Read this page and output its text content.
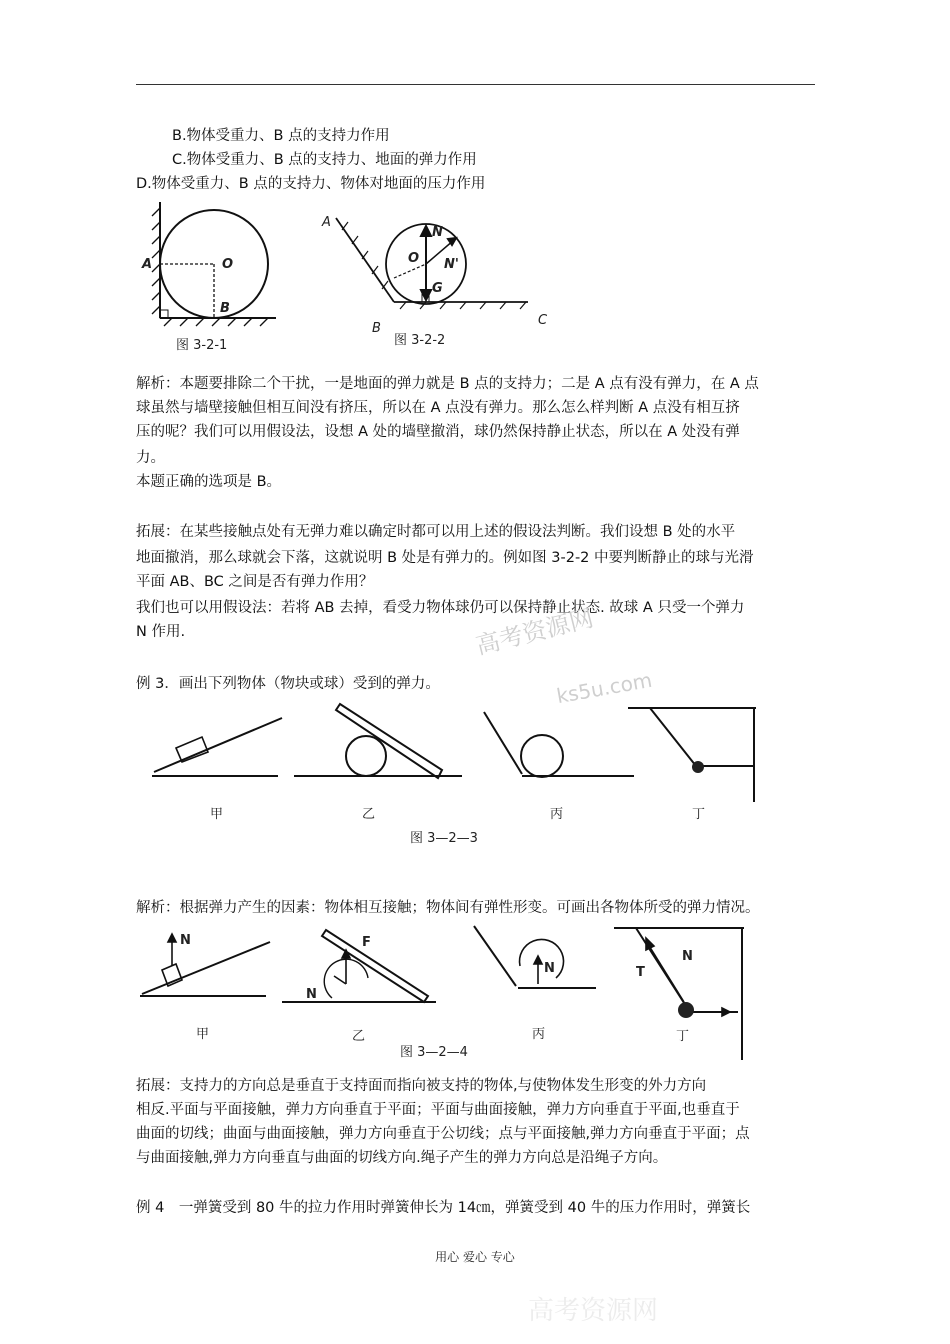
B.物体受重力、B 点的支持力作用
C.物体受重力、B 点的支持力、地面的弹力作用
D.物体受重力、B 点的支持力、物体对地面的压力作用
A	O
B
图 3-2-1
A
N
O N'
G
B
C
图 3-2-2
解析：本题要排除二个干扰，一是地面的弹力就是 B 点的支持力；二是 A 点有没有弹力，在 A 点
球虽然与墙壁接触但相互间没有挤压，所以在 A 点没有弹力。那么怎么样判断 A 点没有相互挤
压的呢？我们可以用假设法，设想 A 处的墙壁撤消，球仍然保持静止状态，所以在 A 处没有弹
力。
本题正确的选项是 B。
拓展：在某些接触点处有无弹力难以确定时都可以用上述的假设法判断。我们设想 B 处的水平
地面撤消，那么球就会下落，这就说明 B 处是有弹力的。例如图 3-2-2 中要判断静止的球与光滑
平面 AB、BC 之间是否有弹力作用？
我们也可以用假设法：若将 AB 去掉，看受力物体球仍可以保持静止状态. 故球 A 只受一个弹力
N 作用.
例 3．画出下列物体（物块或球）受到的弹力。
甲	乙	丙	丁
图 3—2—3
解析：根据弹力产生的因素：物体相互接触；物体间有弹性形变。可画出各物体所受的弹力情况。
N	F
N
N	T
N
甲	乙	丙	丁
图 3—2—4
拓展：支持力的方向总是垂直于支持面而指向被支持的物体,与使物体发生形变的外力方向
相反.平面与平面接触，弹力方向垂直于平面；平面与曲面接触，弹力方向垂直于平面,也垂直于
曲面的切线；曲面与曲面接触，弹力方向垂直于公切线；点与平面接触,弹力方向垂直于平面；点
与曲面接触,弹力方向垂直与曲面的切线方向.绳子产生的弹力方向总是沿绳子方向。
例 4　一弹簧受到 80 牛的拉力作用时弹簧伸长为 14㎝，弹簧受到 40 牛的压力作用时，弹簧长
用心 爱心 专心
高考资源网
ks5u.com
高考资源网
